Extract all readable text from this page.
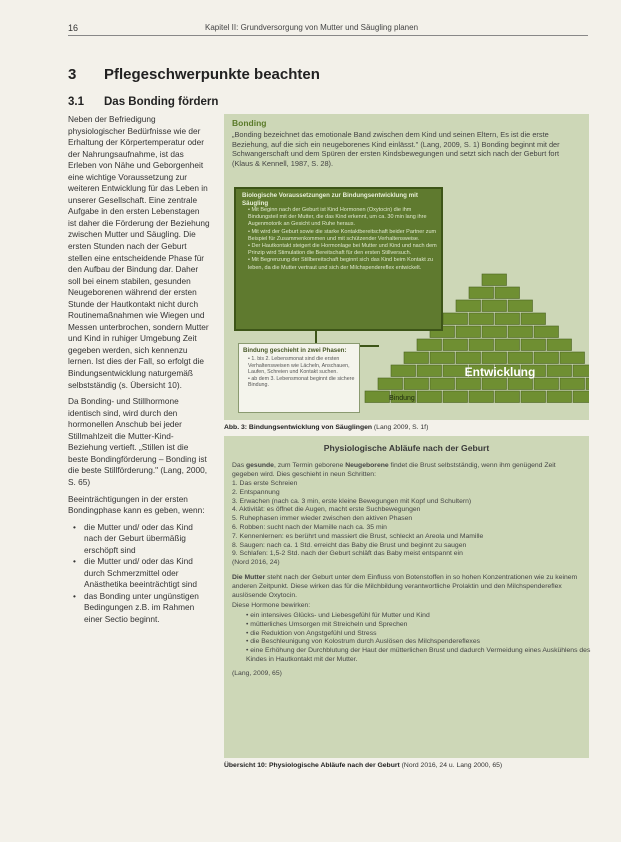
16	Kapitel II: Grundversorgung von Mutter und Säugling planen
3 Pflegeschwerpunkte beachten
3.1 Das Bonding fördern

Neben der Befriedigung physiologischer Bedürfnisse wie der Erhaltung der Körpertemperatur oder der Nahrungsaufnahme, ist das Erleben von Nähe und Geborgenheit eine wichtige Voraussetzung zur weiteren Entwicklung für das Leben in unserer Gesellschaft. Eine zentrale Aufgabe in den ersten Lebenstagen ist daher die Förderung der Beziehung zwischen Mutter und Säugling. Die ersten Stunden nach der Geburt stellen eine entscheidende Phase für den Aufbau der Bindung dar. Daher soll bei einem stabilen, gesunden Neugeborenen während der ersten Stunde der Hautkontakt nicht durch Routinemaßnahmen wie Wiegen und Messen unterbrochen, sondern Mutter und Kind in ruhiger Umgebung Zeit gegeben werden, sich kennenzu lernen. Ist dies der Fall, so erfolgt die Bindungsentwicklung naturgemäß selbstständig (s. Übersicht 10).

Da Bonding- und Stillhormone identisch sind, wird durch den hormonellen Anschub bei jeder Stillmahlzeit die Mutter-Kind-Beziehung vertieft. „Stillen ist die beste Bondingförderung – Bonding ist die beste Stillförderung." (Lang, 2000, S. 65)

Beeinträchtigungen in der ersten Bondingphase kann es geben, wenn:

• die Mutter und/ oder das Kind nach der Geburt übermäßig erschöpft sind
• die Mutter und/ oder das Kind durch Schmerzmittel oder Anästhetika beeinträchtigt sind
• das Bonding unter ungünstigen Bedingungen z.B. im Rahmen einer Sectio beginnt.
Bonding
„Bonding bezeichnet das emotionale Band zwischen dem Kind und seinen Eltern, Es ist die erste Beziehung, auf die sich ein neugeborenes Kind einlässt." (Lang, 2009, S. 1) Bonding beginnt mit der Schwangerschaft und dem Spüren der ersten Kindsbewegungen und setzt sich nach der Geburt fort (Klaus & Kennell, 1987, S. 28).
Entwicklung
Bindung
Biologische Voraussetzungen zur Bindungsentwicklung mit Säugling
• Mit Beginn nach der Geburt ist Kind Hormonen (Oxytocin) die ihm Bindungsteil mit der Mutter, die das Kind erkennt, um ca. 30 min lang ihre Augenmotorik an Gesicht und Ruhe heraus.
• Mit wird der Geburt sowie die starke Kontaktbereitschaft beider Partner zum Beispiel für Zusammenkommen und mit schützender Verhaltensweise.
• Der Hautkontakt steigert die Hormonlage bei Mutter und Kind und nach dem Prinzip wird Stimulation die Bereitschaft für den ersten Stillversuch.
• Mit Begrenzung der Stillbereitschaft beginnt sich das Kind beim Kontakt zu leben, da die Mutter vertraut und sich der Milchspendereflex entwickelt.
Bindung geschieht in zwei Phasen:
• 1. bis 2. Lebensmonat sind die ersten Verhaltensweisen wie Lächeln, Anschauen, Laufen, Schreien und Kontakt suchen.
• ab dem 3. Lebensmonat beginnt die sichere Bindung.
Abb. 3: Bindungsentwicklung von Säuglingen (Lang 2009, S. 1f)
Physiologische Abläufe nach der Geburt
Das gesunde, zum Termin geborene Neugeborene findet die Brust selbstständig, wenn ihm genügend Zeit gegeben wird. Dies geschieht in neun Schritten:
1. Das erste Schreien
2. Entspannung
3. Erwachen (nach ca. 3 min, erste kleine Bewegungen mit Kopf und Schultern)
4. Aktivität: es öffnet die Augen, macht erste Suchbewegungen
5. Ruhephasen immer wieder zwischen den aktiven Phasen
6. Robben: sucht nach der Mamille nach ca. 35 min
7. Kennenlernen: es berührt und massiert die Brust, schleckt an Areola und Mamille
8. Saugen: nach ca. 1 Std. erreicht das Baby die Brust und beginnt zu saugen
9. Schlafen: 1,5-2 Std. nach der Geburt schläft das Baby meist entspannt ein
(Nord 2016, 24)
Die Mutter steht nach der Geburt unter dem Einfluss von Botenstoffen in so hohen Konzentrationen wie zu keinem anderen Zeitpunkt. Diese wirken das für die Milchbildung verantwortliche Prolaktin und den Milchspendereflex auslösende Oxytocin.
Diese Hormone bewirken:
• ein intensives Glücks- und Liebesgefühl für Mutter und Kind
• mütterliches Umsorgen mit Streicheln und Sprechen
• die Reduktion von Angstgefühl und Stress
• die Beschleunigung von Kolostrum durch Auslösen des Milchspendereflexes
• eine Erhöhung der Durchblutung der Haut der mütterlichen Brust und dadurch Vermeidung eines Auskühlens des Kindes in Hautkontakt mit der Mutter.
(Lang, 2009, 65)
Übersicht 10: Physiologische Abläufe nach der Geburt (Nord 2016, 24 u. Lang 2000, 65)
